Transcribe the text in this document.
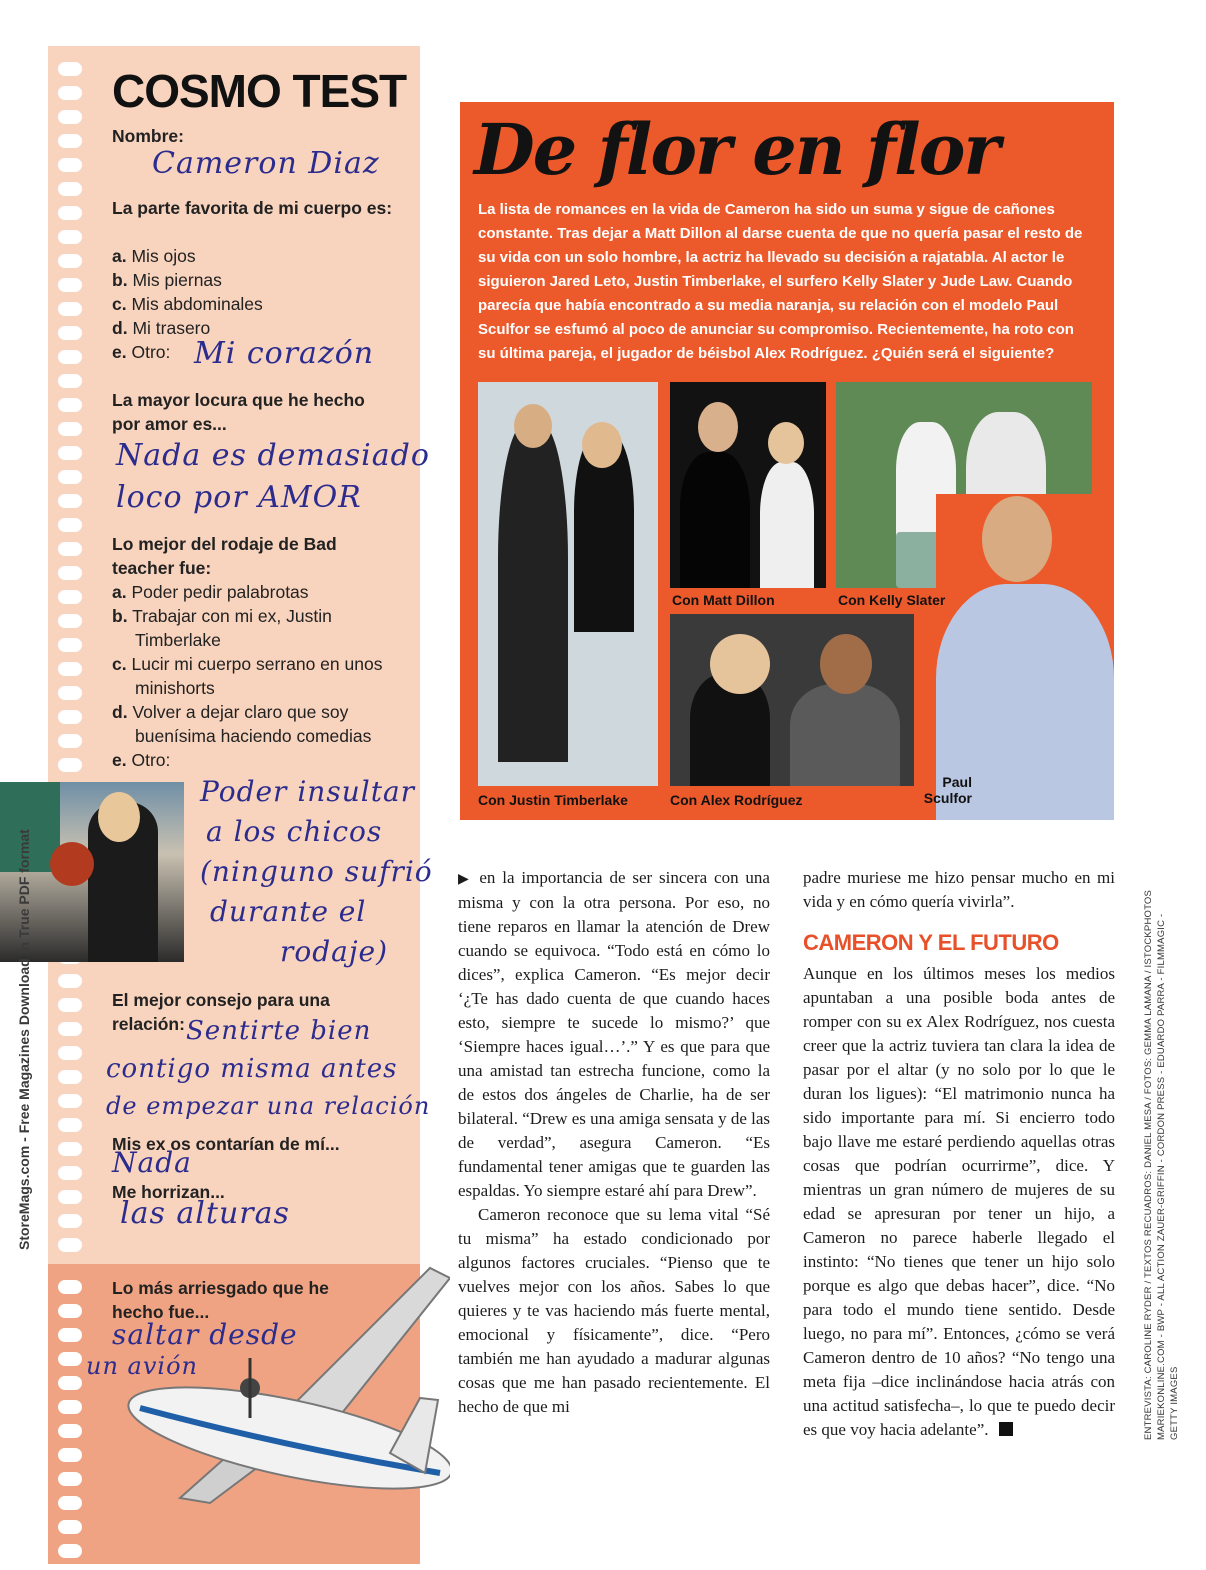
COSMO TEST
Nombre:
Cameron Diaz
La parte favorita de mi cuerpo es:
a. Mis ojos
b. Mis piernas
c. Mis abdominales
d. Mi trasero
e. Otro: Mi corazón
La mayor locura que he hecho por amor es...
Nada es demasiado
loco por AMOR
Lo mejor del rodaje de Bad teacher fue:
a. Poder pedir palabrotas
b. Trabajar con mi ex, Justin Timberlake
c. Lucir mi cuerpo serrano en unos minishorts
d. Volver a dejar claro que soy buenísima haciendo comedias
e. Otro:
Poder insultar
a los chicos
(ninguno sufrió
durante el
rodaje)
El mejor consejo para una relación: Sentirte bien
contigo misma antes
de empezar una relación
Mis ex os contarían de mí...
Nada
Me horrizan...
las alturas
Lo más arriesgado que he hecho fue...
saltar desde
un avión
StoreMags.com - Free Magazines Download in True PDF format
De flor en flor
La lista de romances en la vida de Cameron ha sido un suma y sigue de cañones constante. Tras dejar a Matt Dillon al darse cuenta de que no quería pasar el resto de su vida con un solo hombre, la actriz ha llevado su decisión a rajatabla. Al actor le siguieron Jared Leto, Justin Timberlake, el surfero Kelly Slater y Jude Law. Cuando parecía que había encontrado a su media naranja, su relación con el modelo Paul Sculfor se esfumó al poco de anunciar su compromiso. Recientemente, ha roto con su última pareja, el jugador de béisbol Alex Rodríguez. ¿Quién será el siguiente?
Con Justin Timberlake
Con Matt Dillon	Con Kelly Slater
Con Alex Rodríguez
Paul
Sculfor

▶ en la importancia de ser sincera con una misma y con la otra persona. Por eso, no tiene reparos en llamar la atención de Drew cuando se equivoca. “Todo está en cómo lo dices”, explica Cameron. “Es mejor decir ‘¿Te has dado cuenta de que cuando haces esto, siempre te sucede lo mismo?’ que ‘Siempre haces igual…’.” Y es que para que una amistad tan estrecha funcione, como la de estos dos ángeles de Charlie, ha de ser bilateral. “Drew es una amiga sensata y de las de verdad”, asegura Cameron. “Es fundamental tener amigas que te guarden las espaldas. Yo siempre estaré ahí para Drew”.

Cameron reconoce que su lema vital “Sé tu misma” ha estado condicionado por algunos factores cruciales. “Pienso que te vuelves mejor con los años. Sabes lo que quieres y te vas haciendo más fuerte mental, emocional y físicamente”, dice. “Pero también me han ayudado a madurar algunas cosas que me han pasado recientemente. El hecho de que mi

padre muriese me hizo pensar mucho en mi vida y en cómo quería vivirla”.

CAMERON Y EL FUTURO

Aunque en los últimos meses los medios apuntaban a una posible boda antes de romper con su ex Alex Rodríguez, nos cuesta creer que la actriz tuviera tan clara la idea de pasar por el altar (y no solo por lo que le duran los ligues): “El matrimonio nunca ha sido importante para mí. Si encierro todo bajo llave me estaré perdiendo aquellas otras cosas que podrían ocurrirme”, dice. Y mientras un gran número de mujeres de su edad se apresuran por tener un hijo, a Cameron no parece haberle llegado el instinto: “No tienes que tener un hijo solo porque es algo que debas hacer”, dice. “No para todo el mundo tiene sentido. Desde luego, no para mí”. Entonces, ¿cómo se verá Cameron dentro de 10 años? “No tengo una meta fija –dice inclinándose hacia atrás con una actitud satisfecha–, lo que te puedo decir es que voy hacia adelante”.	ENTREVISTA: CAROLINE RYDER / TEXTOS RECUADROS: DANIEL MESA / FOTOS: GEMMA LAMANA / ISTOCKPHOTOS MARIEKONLINE.COM - BWP - ALL ACTION ZAUER-GRIFFIN - CORDON PRESS - EDUARDO PARRA - FILMMAGIC - GETTY IMAGES
